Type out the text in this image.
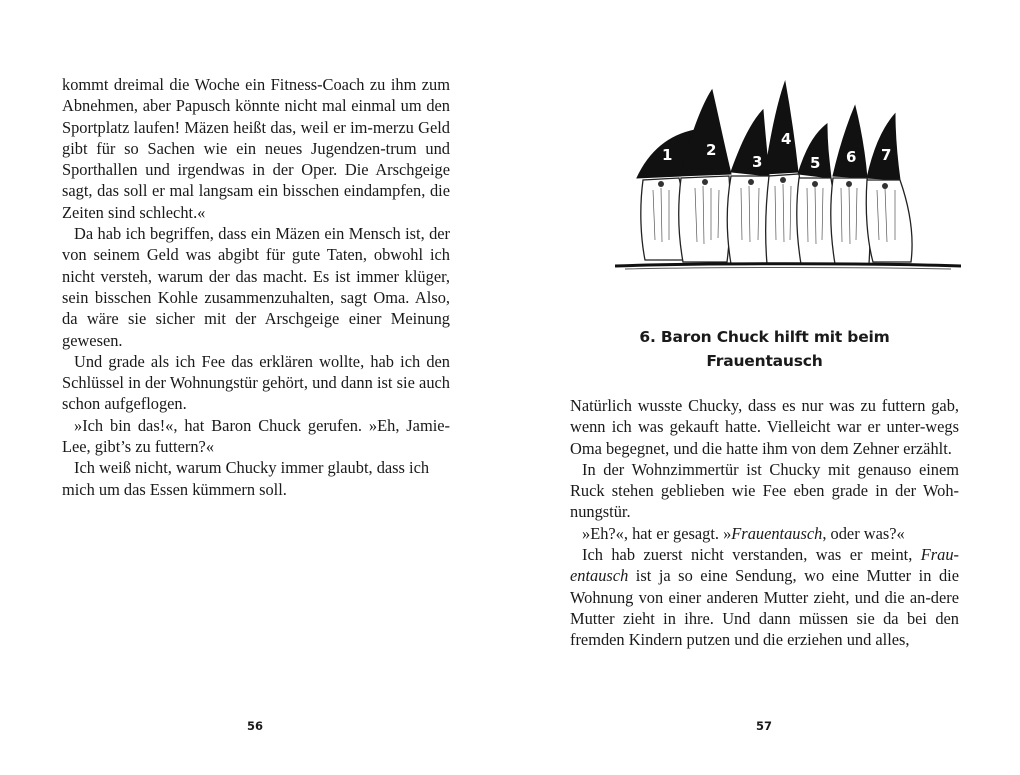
kommt dreimal die Woche ein Fitness-Coach zu ihm zum Abnehmen, aber Papusch könnte nicht mal einmal um den Sportplatz laufen! Mäzen heißt das, weil er im-merzu Geld gibt für so Sachen wie ein neues Jugendzen-trum und Sporthallen und irgendwas in der Oper. Die Arschgeige sagt, das soll er mal langsam ein bisschen eindampfen, die Zeiten sind schlecht.«

Da hab ich begriffen, dass ein Mäzen ein Mensch ist, der von seinem Geld was abgibt für gute Taten, obwohl ich nicht versteh, warum der das macht. Es ist immer klüger, sein bisschen Kohle zusammenzuhalten, sagt Oma. Also, da wäre sie sicher mit der Arschgeige einer Meinung gewesen.

Und grade als ich Fee das erklären wollte, hab ich den Schlüssel in der Wohnungstür gehört, und dann ist sie auch schon aufgeflogen.

»Ich bin das!«, hat Baron Chuck gerufen. »Eh, Jamie-Lee, gibt’s zu futtern?«

Ich weiß nicht, warum Chucky immer glaubt, dass ich mich um das Essen kümmern soll.

56
1 2
3
4
5 6 7
6. Baron Chuck hilft mit beim
Frauentausch

Natürlich wusste Chucky, dass es nur was zu futtern gab, wenn ich was gekauft hatte. Vielleicht war er unter-wegs Oma begegnet, und die hatte ihm von dem Zehner erzählt.

In der Wohnzimmertür ist Chucky mit genauso einem Ruck stehen geblieben wie Fee eben grade in der Woh-nungstür.

»Eh?«, hat er gesagt. »Frauentausch, oder was?«

Ich hab zuerst nicht verstanden, was er meint, Frau-entausch ist ja so eine Sendung, wo eine Mutter in die Wohnung von einer anderen Mutter zieht, und die an-dere Mutter zieht in ihre. Und dann müssen sie da bei den fremden Kindern putzen und die erziehen und alles,

57
